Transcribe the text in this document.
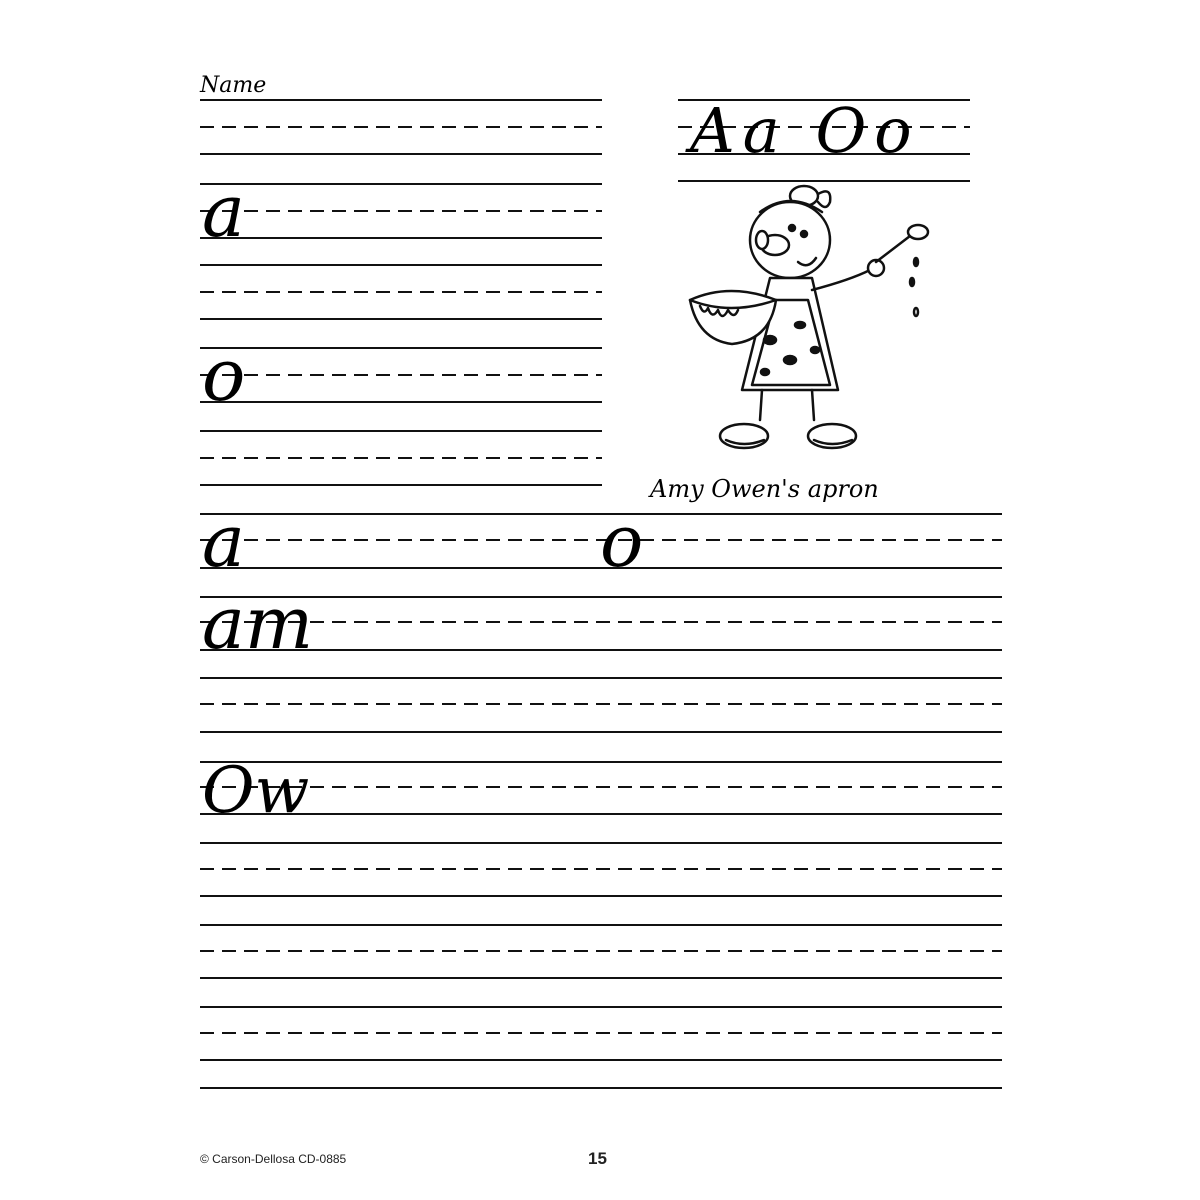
Name
Aa Oo
Amy Owen's apron
a
o
a	o
am
Ow
© Carson-Dellosa CD-0885	15
